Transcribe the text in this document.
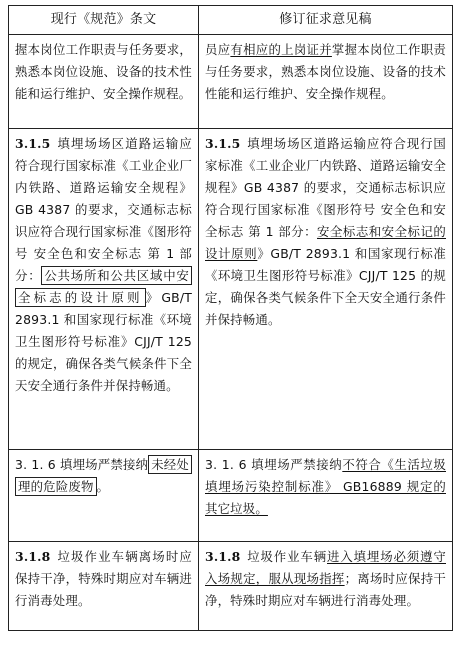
现行《规范》条文	修订征求意见稿
握本岗位工作职责与任务要求，熟悉本岗位设施、设备的技术性能和运行维护、安全操作规程。	员应有相应的上岗证并掌握本岗位工作职责与任务要求，熟悉本岗位设施、设备的技术性能和运行维护、安全操作规程。
3.1.5 填埋场场区道路运输应符合现行国家标准《工业企业厂内铁路、道路运输安全规程》GB 4387 的要求，交通标志标识应符合现行国家标准《图形符号 安全色和安全标志 第 1 部分： 公共场所和公共区域中安全标志的设计原则 》GB/T 2893.1 和国家现行标准《环境卫生图形符号标准》CJJ/T 125 的规定，确保各类气候条件下全天安全通行条件并保持畅通。	3.1.5 填埋场场区道路运输应符合现行国家标准《工业企业厂内铁路、道路运输安全规程》GB 4387 的要求，交通标志标识应符合现行国家标准《图形符号 安全色和安全标志 第 1 部分：安全标志和安全标记的设计原则》GB/T 2893.1 和国家现行标准《环境卫生图形符号标准》CJJ/T 125 的规定，确保各类气候条件下全天安全通行条件并保持畅通。
3. 1. 6 填埋场严禁接纳 未经处理的危险废物 。	3. 1. 6 填埋场严禁接纳不符合《生活垃圾填埋场污染控制标准》 GB16889 规定的其它垃圾。
3.1.8 垃圾作业车辆离场时应保持干净，特殊时期应对车辆进行消毒处理。	3.1.8 垃圾作业车辆进入填埋场必须遵守入场规定，服从现场指挥；离场时应保持干净，特殊时期应对车辆进行消毒处理。
